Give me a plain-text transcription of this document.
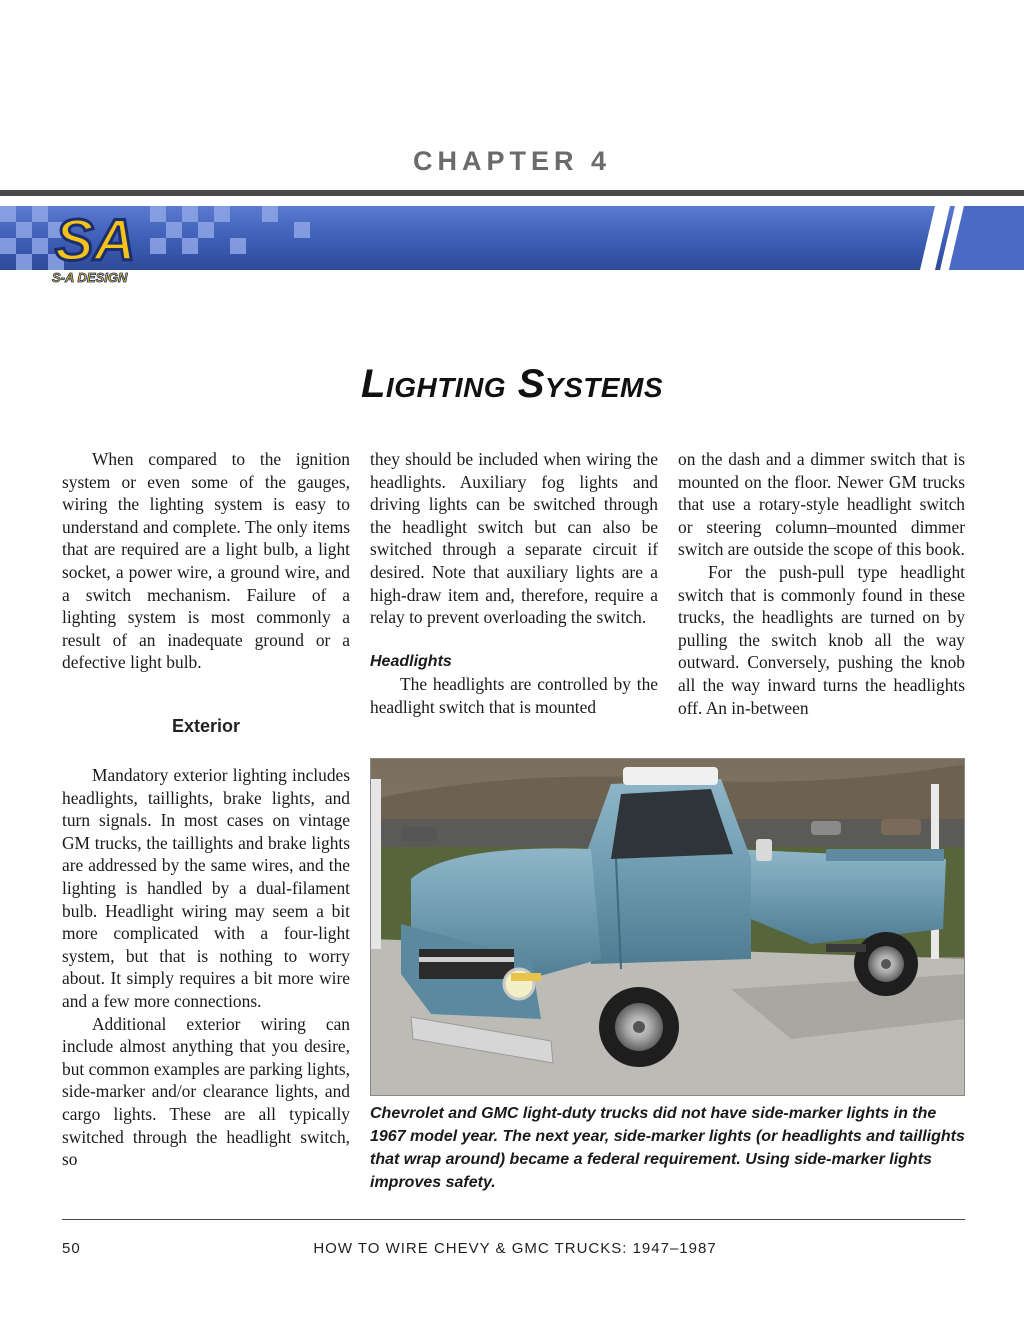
CHAPTER 4
SA
S-A DESIGN
Lighting Systems

When compared to the ignition system or even some of the gauges, wiring the lighting system is easy to understand and complete. The only items that are required are a light bulb, a light socket, a power wire, a ground wire, and a switch mechanism. Failure of a lighting system is most commonly a result of an inadequate ground or a defective light bulb.

Exterior

Mandatory exterior lighting includes headlights, taillights, brake lights, and turn signals. In most cases on vintage GM trucks, the taillights and brake lights are addressed by the same wires, and the lighting is handled by a dual-filament bulb. Headlight wiring may seem a bit more complicated with a four-light system, but that is nothing to worry about. It simply requires a bit more wire and a few more connections.

Additional exterior wiring can include almost anything that you desire, but common examples are parking lights, side-marker and/or clearance lights, and cargo lights. These are all typically switched through the headlight switch, so

they should be included when wiring the headlights. Auxiliary fog lights and driving lights can be switched through the headlight switch but can also be switched through a separate circuit if desired. Note that auxiliary lights are a high-draw item and, therefore, require a relay to prevent overloading the switch.

Headlights

The headlights are controlled by the headlight switch that is mounted

on the dash and a dimmer switch that is mounted on the floor. Newer GM trucks that use a rotary-style headlight switch or steering column–mounted dimmer switch are outside the scope of this book.

For the push-pull type headlight switch that is commonly found in these trucks, the headlights are turned on by pulling the switch knob all the way outward. Conversely, pushing the knob all the way inward turns the headlights off. An in-between

Chevrolet and GMC light-duty trucks did not have side-marker lights in the 1967 model year. The next year, side-marker lights (or headlights and taillights that wrap around) became a federal requirement. Using side-marker lights improves safety.
50	HOW TO WIRE CHEVY & GMC TRUCKS: 1947–1987
